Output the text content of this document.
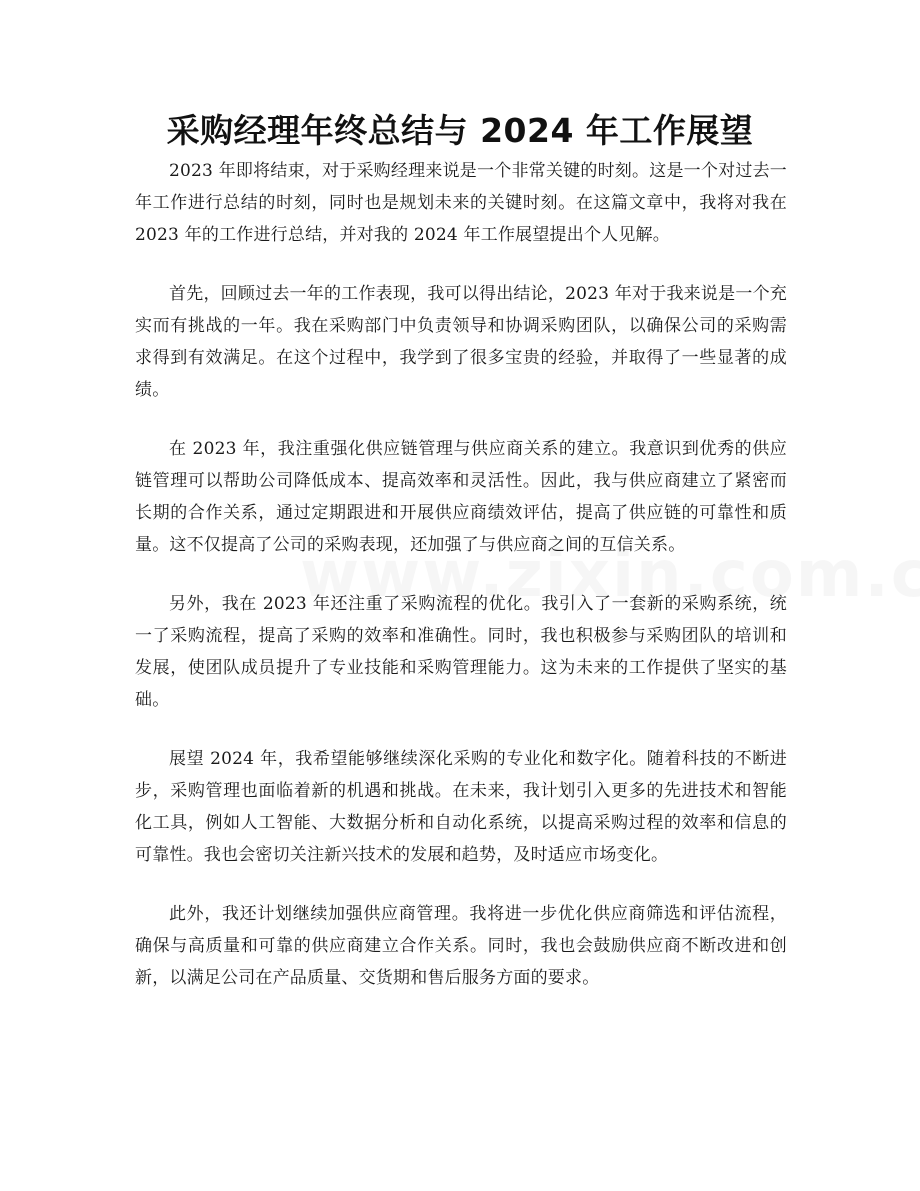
采购经理年终总结与 2024 年工作展望

2023 年即将结束，对于采购经理来说是一个非常关键的时刻。这是一个对过去一年工作进行总结的时刻，同时也是规划未来的关键时刻。在这篇文章中，我将对我在 2023 年的工作进行总结，并对我的 2024 年工作展望提出个人见解。

首先，回顾过去一年的工作表现，我可以得出结论，2023 年对于我来说是一个充实而有挑战的一年。我在采购部门中负责领导和协调采购团队，以确保公司的采购需求得到有效满足。在这个过程中，我学到了很多宝贵的经验，并取得了一些显著的成绩。

在 2023 年，我注重强化供应链管理与供应商关系的建立。我意识到优秀的供应链管理可以帮助公司降低成本、提高效率和灵活性。因此，我与供应商建立了紧密而长期的合作关系，通过定期跟进和开展供应商绩效评估，提高了供应链的可靠性和质量。这不仅提高了公司的采购表现，还加强了与供应商之间的互信关系。

另外，我在 2023 年还注重了采购流程的优化。我引入了一套新的采购系统，统一了采购流程，提高了采购的效率和准确性。同时，我也积极参与采购团队的培训和发展，使团队成员提升了专业技能和采购管理能力。这为未来的工作提供了坚实的基础。

展望 2024 年，我希望能够继续深化采购的专业化和数字化。随着科技的不断进步，采购管理也面临着新的机遇和挑战。在未来，我计划引入更多的先进技术和智能化工具，例如人工智能、大数据分析和自动化系统，以提高采购过程的效率和信息的可靠性。我也会密切关注新兴技术的发展和趋势，及时适应市场变化。

此外，我还计划继续加强供应商管理。我将进一步优化供应商筛选和评估流程，确保与高质量和可靠的供应商建立合作关系。同时，我也会鼓励供应商不断改进和创新，以满足公司在产品质量、交货期和售后服务方面的要求。
